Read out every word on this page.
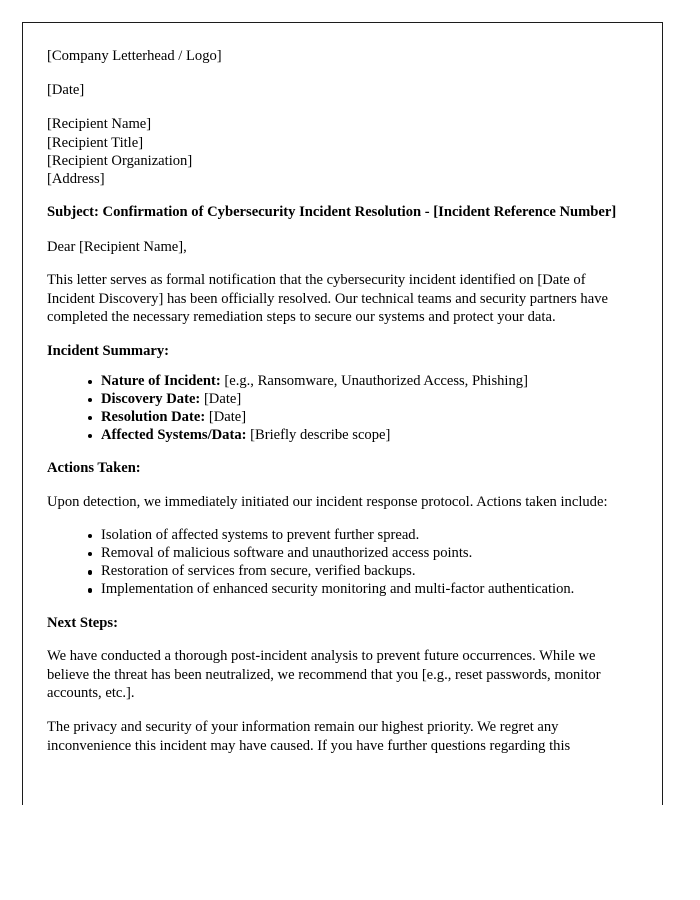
[Company Letterhead / Logo]
[Date]
[Recipient Name]
[Recipient Title]
[Recipient Organization]
[Address]
Subject: Confirmation of Cybersecurity Incident Resolution - [Incident Reference Number]
Dear [Recipient Name],
This letter serves as formal notification that the cybersecurity incident identified on [Date of Incident Discovery] has been officially resolved. Our technical teams and security partners have completed the necessary remediation steps to secure our systems and protect your data.
Incident Summary:
Nature of Incident: [e.g., Ransomware, Unauthorized Access, Phishing]
Discovery Date: [Date]
Resolution Date: [Date]
Affected Systems/Data: [Briefly describe scope]
Actions Taken:
Upon detection, we immediately initiated our incident response protocol. Actions taken include:
Isolation of affected systems to prevent further spread.
Removal of malicious software and unauthorized access points.
Restoration of services from secure, verified backups.
Implementation of enhanced security monitoring and multi-factor authentication.
Next Steps:
We have conducted a thorough post-incident analysis to prevent future occurrences. While we believe the threat has been neutralized, we recommend that you [e.g., reset passwords, monitor accounts, etc.].
The privacy and security of your information remain our highest priority. We regret any inconvenience this incident may have caused. If you have further questions regarding this
